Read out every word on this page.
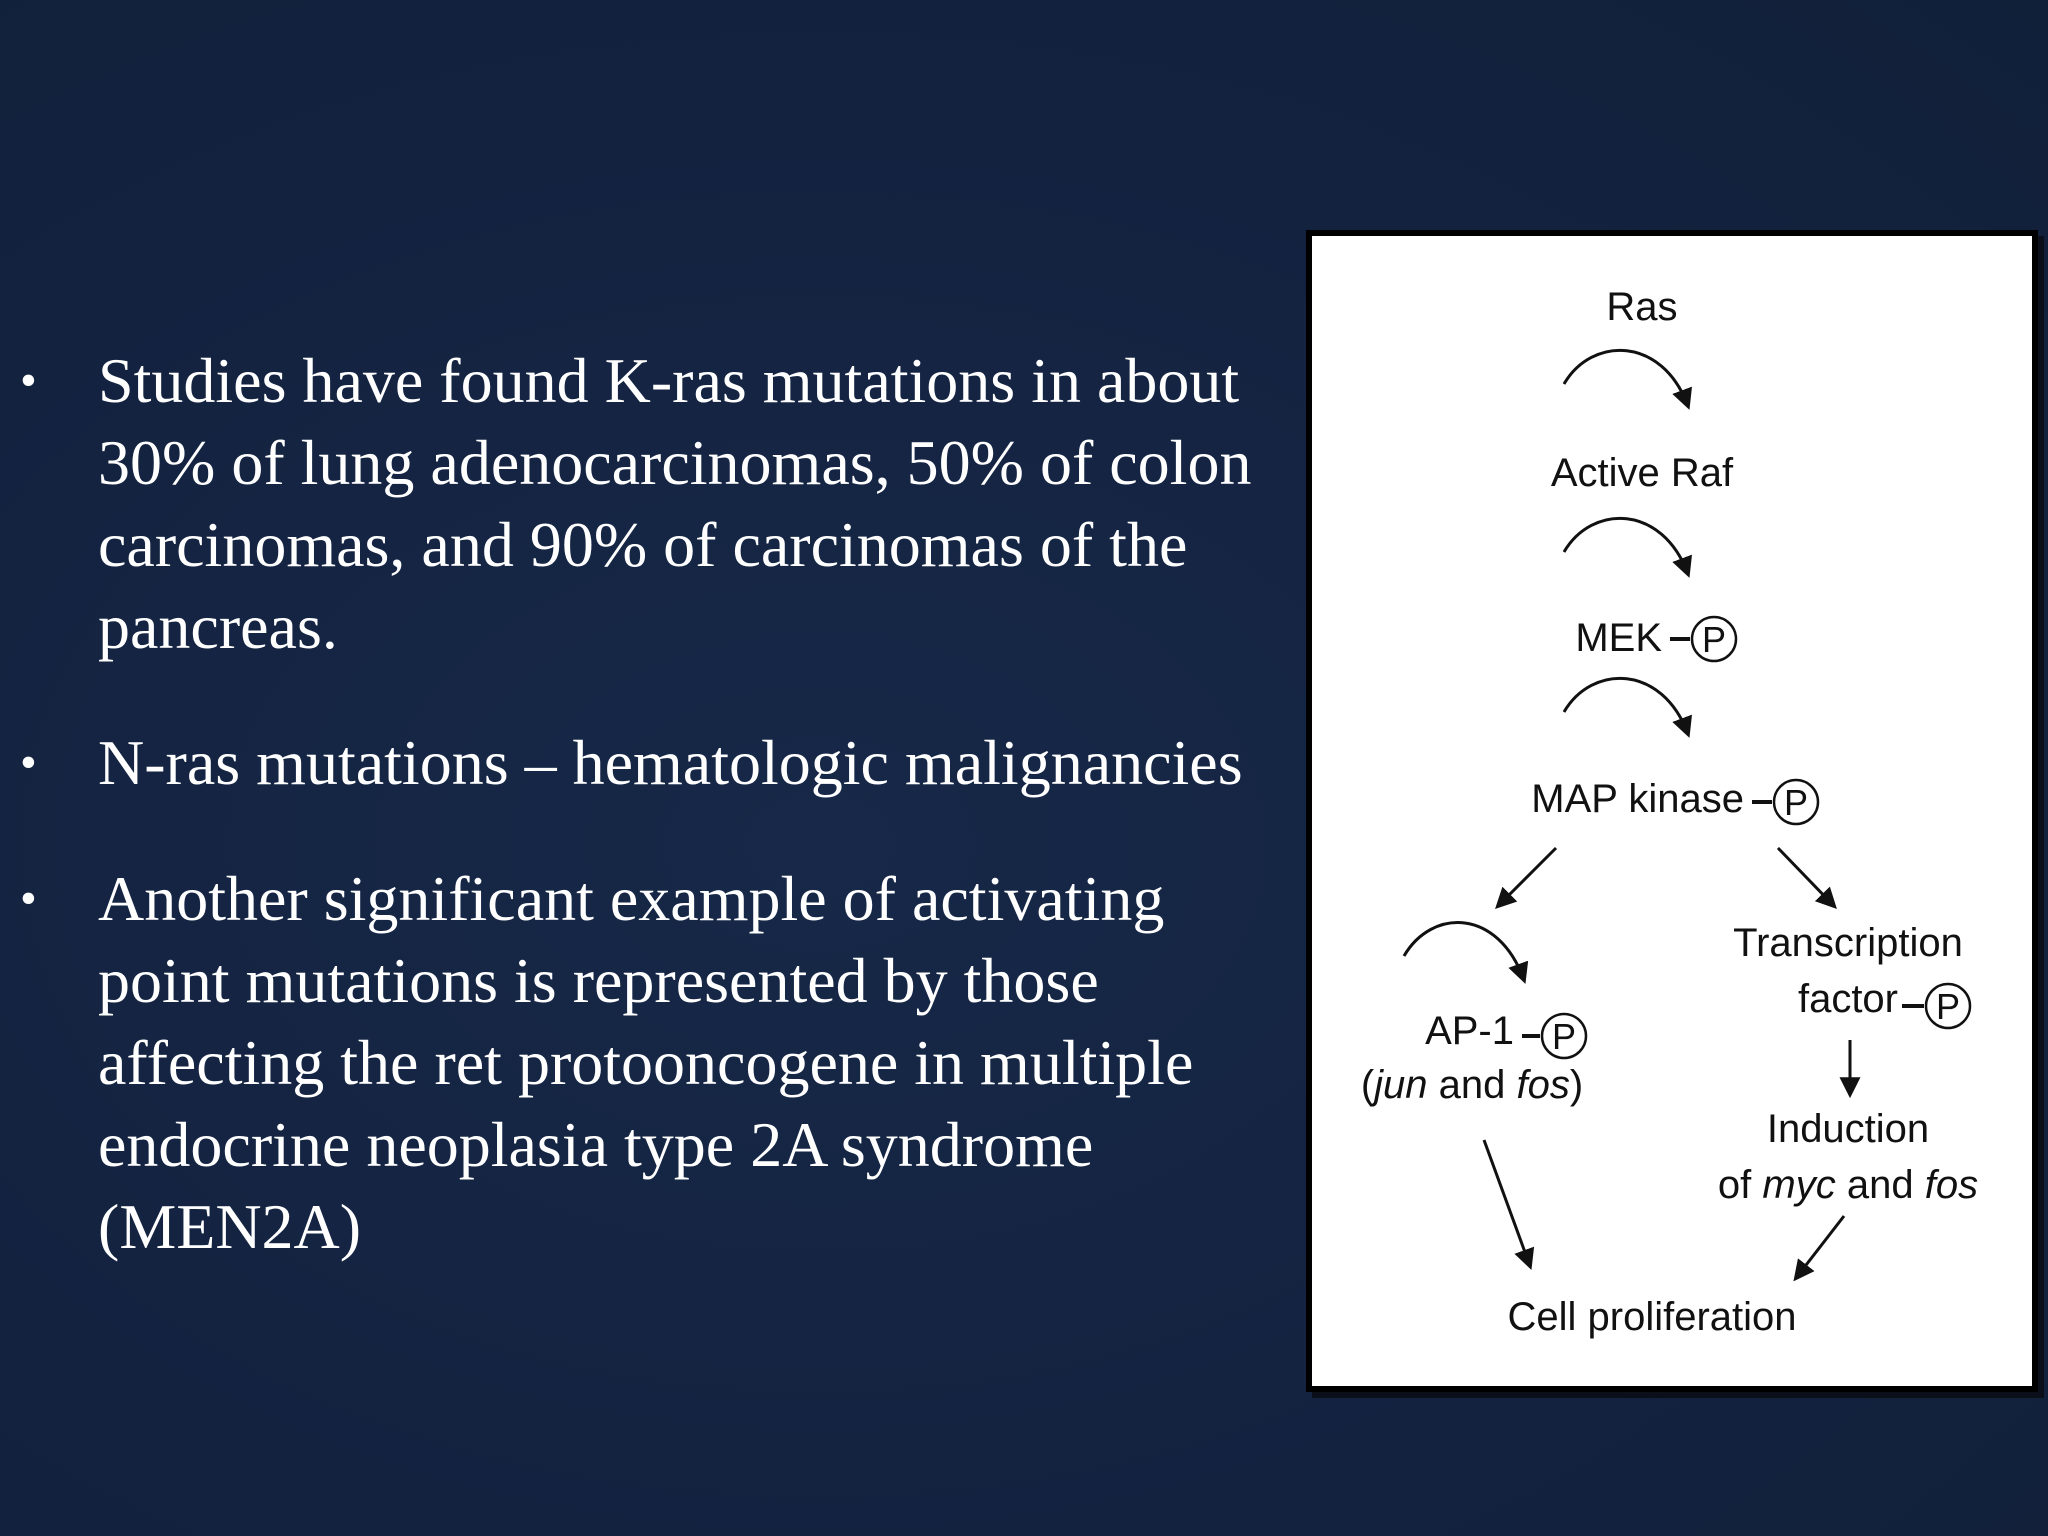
• Studies have found K-ras mutations in about 30% of lung adenocarcinomas, 50% of colon carcinomas, and 90% of carcinomas of the pancreas.
• N-ras mutations – hematologic malignancies
• Another significant example of activating point mutations is represented by those affecting the ret protooncogene in multiple endocrine neoplasia type 2A syndrome (MEN2A)
Ras
Active Raf
MEK P
MAP kinase P
AP-1 P
(jun and fos)
Transcription
factor P
Induction
of myc and fos
Cell proliferation
